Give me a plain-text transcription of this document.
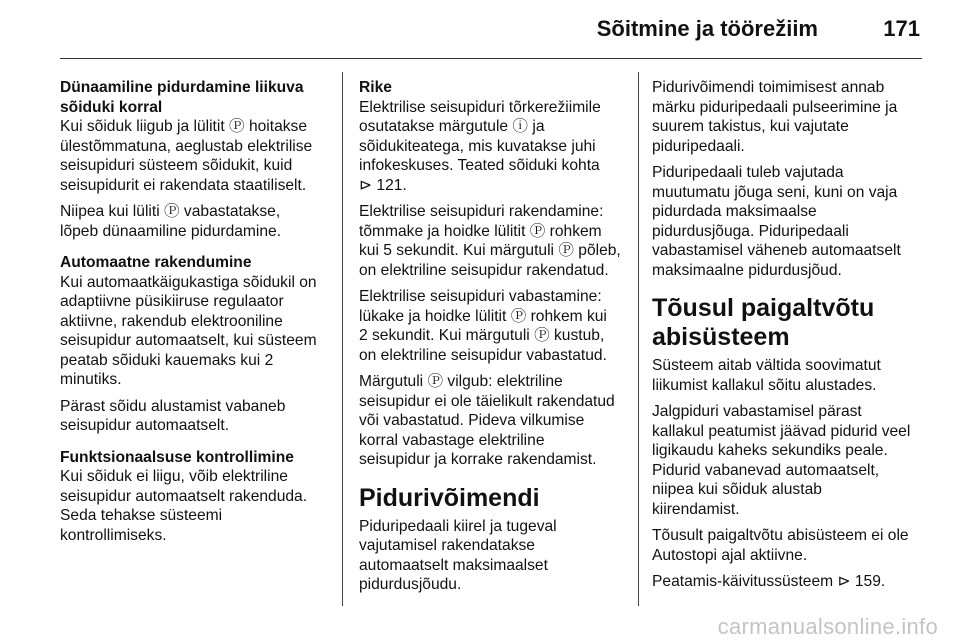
Sõitmine ja töörežiim	171
Dünaamiline pidurdamine liikuva
sõiduki korral
Kui sõiduk liigub ja lülitit Ⓟ hoitakse
ülestõmmatuna, aeglustab elektrilise
seisupiduri süsteem sõidukit, kuid
seisupidurit ei rakendata staatiliselt.
Niipea kui lüliti Ⓟ vabastatakse,
lõpeb dünaamiline pidurdamine.
Automaatne rakendumine
Kui automaatkäigukastiga sõidukil on
adaptiivne püsikiiruse regulaator
aktiivne, rakendub elektrooniline
seisupidur automaatselt, kui süsteem
peatab sõiduki kauemaks kui 2
minutiks.
Pärast sõidu alustamist vabaneb
seisupidur automaatselt.
Funktsionaalsuse kontrollimine
Kui sõiduk ei liigu, võib elektriline
seisupidur automaatselt rakenduda.
Seda tehakse süsteemi
kontrollimiseks.
Rike
Elektrilise seisupiduri tõrkerežiimile
osutatakse märgutule ⓘ ja
sõidukiteatega, mis kuvatakse juhi
infokeskuses. Teated sõiduki kohta
⊳ 121.
Elektrilise seisupiduri rakendamine:
tõmmake ja hoidke lülitit Ⓟ rohkem
kui 5 sekundit. Kui märgutuli Ⓟ põleb,
on elektriline seisupidur rakendatud.
Elektrilise seisupiduri vabastamine:
lükake ja hoidke lülitit Ⓟ rohkem kui
2 sekundit. Kui märgutuli Ⓟ kustub,
on elektriline seisupidur vabastatud.
Märgutuli Ⓟ vilgub: elektriline
seisupidur ei ole täielikult rakendatud
või vabastatud. Pideva vilkumise
korral vabastage elektriline
seisupidur ja korrake rakendamist.
Pidurivõimendi
Piduripedaali kiirel ja tugeval
vajutamisel rakendatakse
automaatselt maksimaalset
pidurdusjõudu.
Pidurivõimendi toimimisest annab
märku piduripedaali pulseerimine ja
suurem takistus, kui vajutate
piduripedaali.
Piduripedaali tuleb vajutada
muutumatu jõuga seni, kuni on vaja
pidurdada maksimaalse
pidurdusjõuga. Piduripedaali
vabastamisel väheneb automaatselt
maksimaalne pidurdusjõud.
Tõusul paigaltvõtu
abisüsteem
Süsteem aitab vältida soovimatut
liikumist kallakul sõitu alustades.
Jalgpiduri vabastamisel pärast
kallakul peatumist jäävad pidurid veel
ligikaudu kaheks sekundiks peale.
Pidurid vabanevad automaatselt,
niipea kui sõiduk alustab
kiirendamist.
Tõusult paigaltvõtu abisüsteem ei ole
Autostopi ajal aktiivne.
Peatamis-käivitussüsteem ⊳ 159.
carmanualsonline.info
